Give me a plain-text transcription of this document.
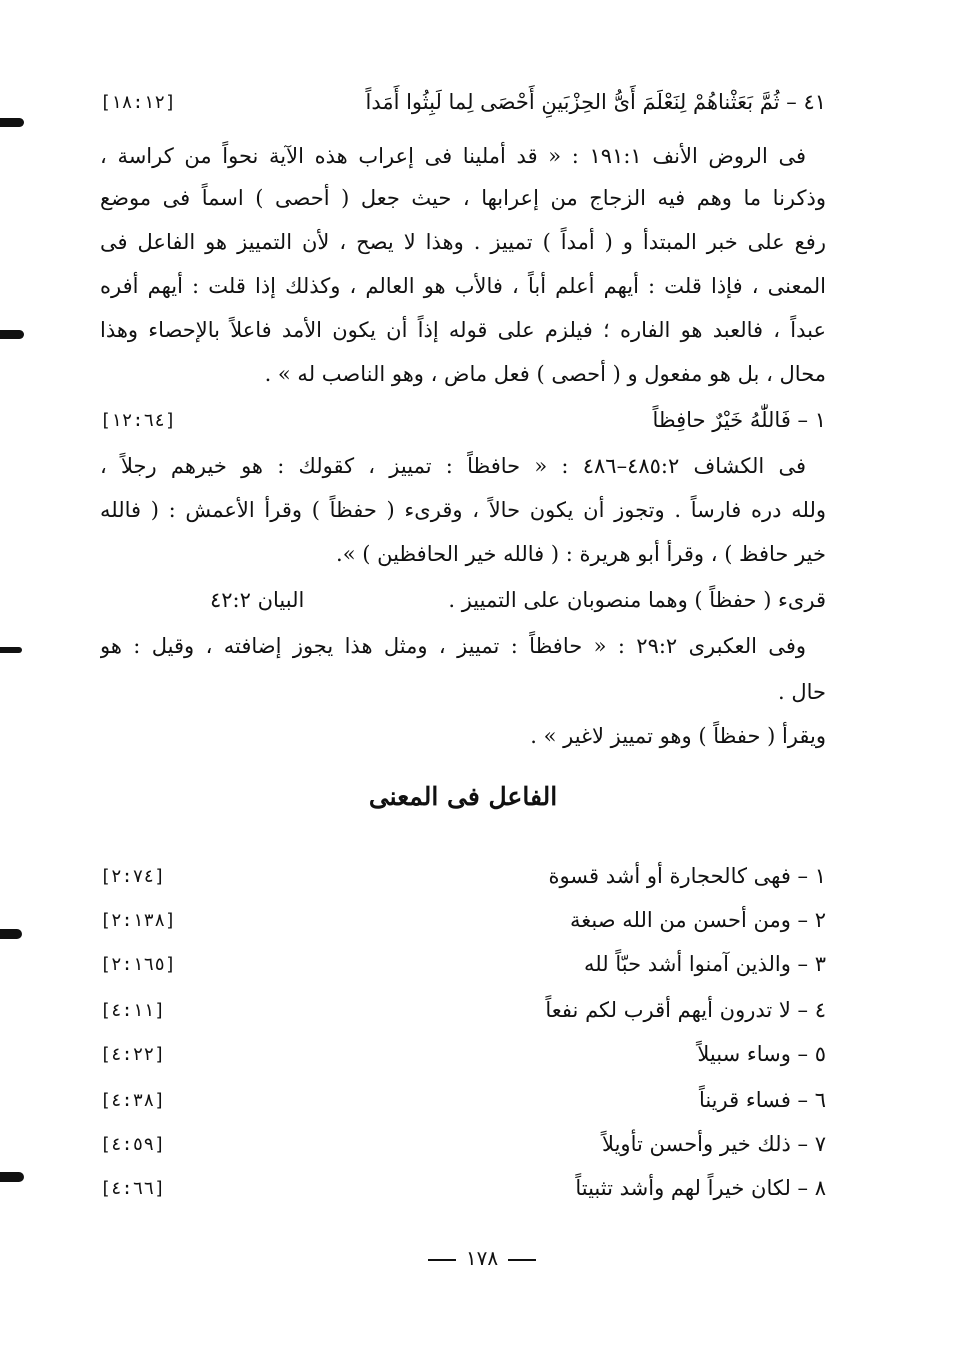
٤١ – ثُمَّ بَعَثْناهُمْ لِنَعْلَمَ أَىُّ الحِزْبَينِ أَحْصَى لِما لَبِثُوا أَمَداً
[١٨:١٢]
فى الروض الأنف ١٩١:١ : « قد أملينا فى إعراب هذه الآية نحواً من كراسة ،
وذكرنا ما وهم فيه الزجاج من إعرابها ، حيث جعل ( أحصى ) اسماً فى موضع
رفع على خبر المبتدأ و ( أمداً ) تمييز . وهذا لا يصح ، لأن التمييز هو الفاعل فى
المعنى ، فإذا قلت : أيهم أعلم أباً ، فالأب هو العالم ، وكذلك إذا قلت : أيهم أفره
عبداً ، فالعبد هو الفاره ؛ فيلزم على قوله إذاً أن يكون الأمد فاعلاً بالإحصاء وهذا
محال ، بل هو مفعول و ( أحصى ) فعل ماض ، وهو الناصب له » .
١ – فَاللّٰهُ خَيْرٌ حافِظاً
[١٢:٦٤]
فى الكشاف ٤٨٥:٢–٤٨٦ : « حافظاً : تمييز ، كقولك : هو خيرهم رجلاً ،
ولله دره فارساً . وتجوز أن يكون حالاً ، وقرىء ( حفظاً ) وقرأ الأعمش : ( فالله
خير حافظ ) ، وقرأ أبو هريرة : ( فالله خير الحافظين ) ».
قرىء ( حفظاً ) وهما منصوبان على التمييز .
البيان ٤٢:٢
وفى العكبرى ٢٩:٢ : « حافظاً : تمييز ، ومثل هذا يجوز إضافته ، وقيل : هو
حال .
ويقرأ ( حفظاً ) وهو تمييز لاغير » .
الفاعل فى المعنى
١ – فهى كالحجارة أو أشد قسوة
[٢:٧٤]
٢ – ومن أحسن من الله صبغة
[٢:١٣٨]
٣ – والذين آمنوا أشد حبّاً لله
[٢:١٦٥]
٤ – لا تدرون أيهم أقرب لكم نفعاً
[٤:١١]
٥ – وساء سبيلاً
[٤:٢٢]
٦ – فساء قريناً
[٤:٣٨]
٧ – ذلك خير وأحسن تأويلاً
[٤:٥٩]
٨ – لكان خيراً لهم وأشد تثبيتاً
[٤:٦٦]
١٧٨
